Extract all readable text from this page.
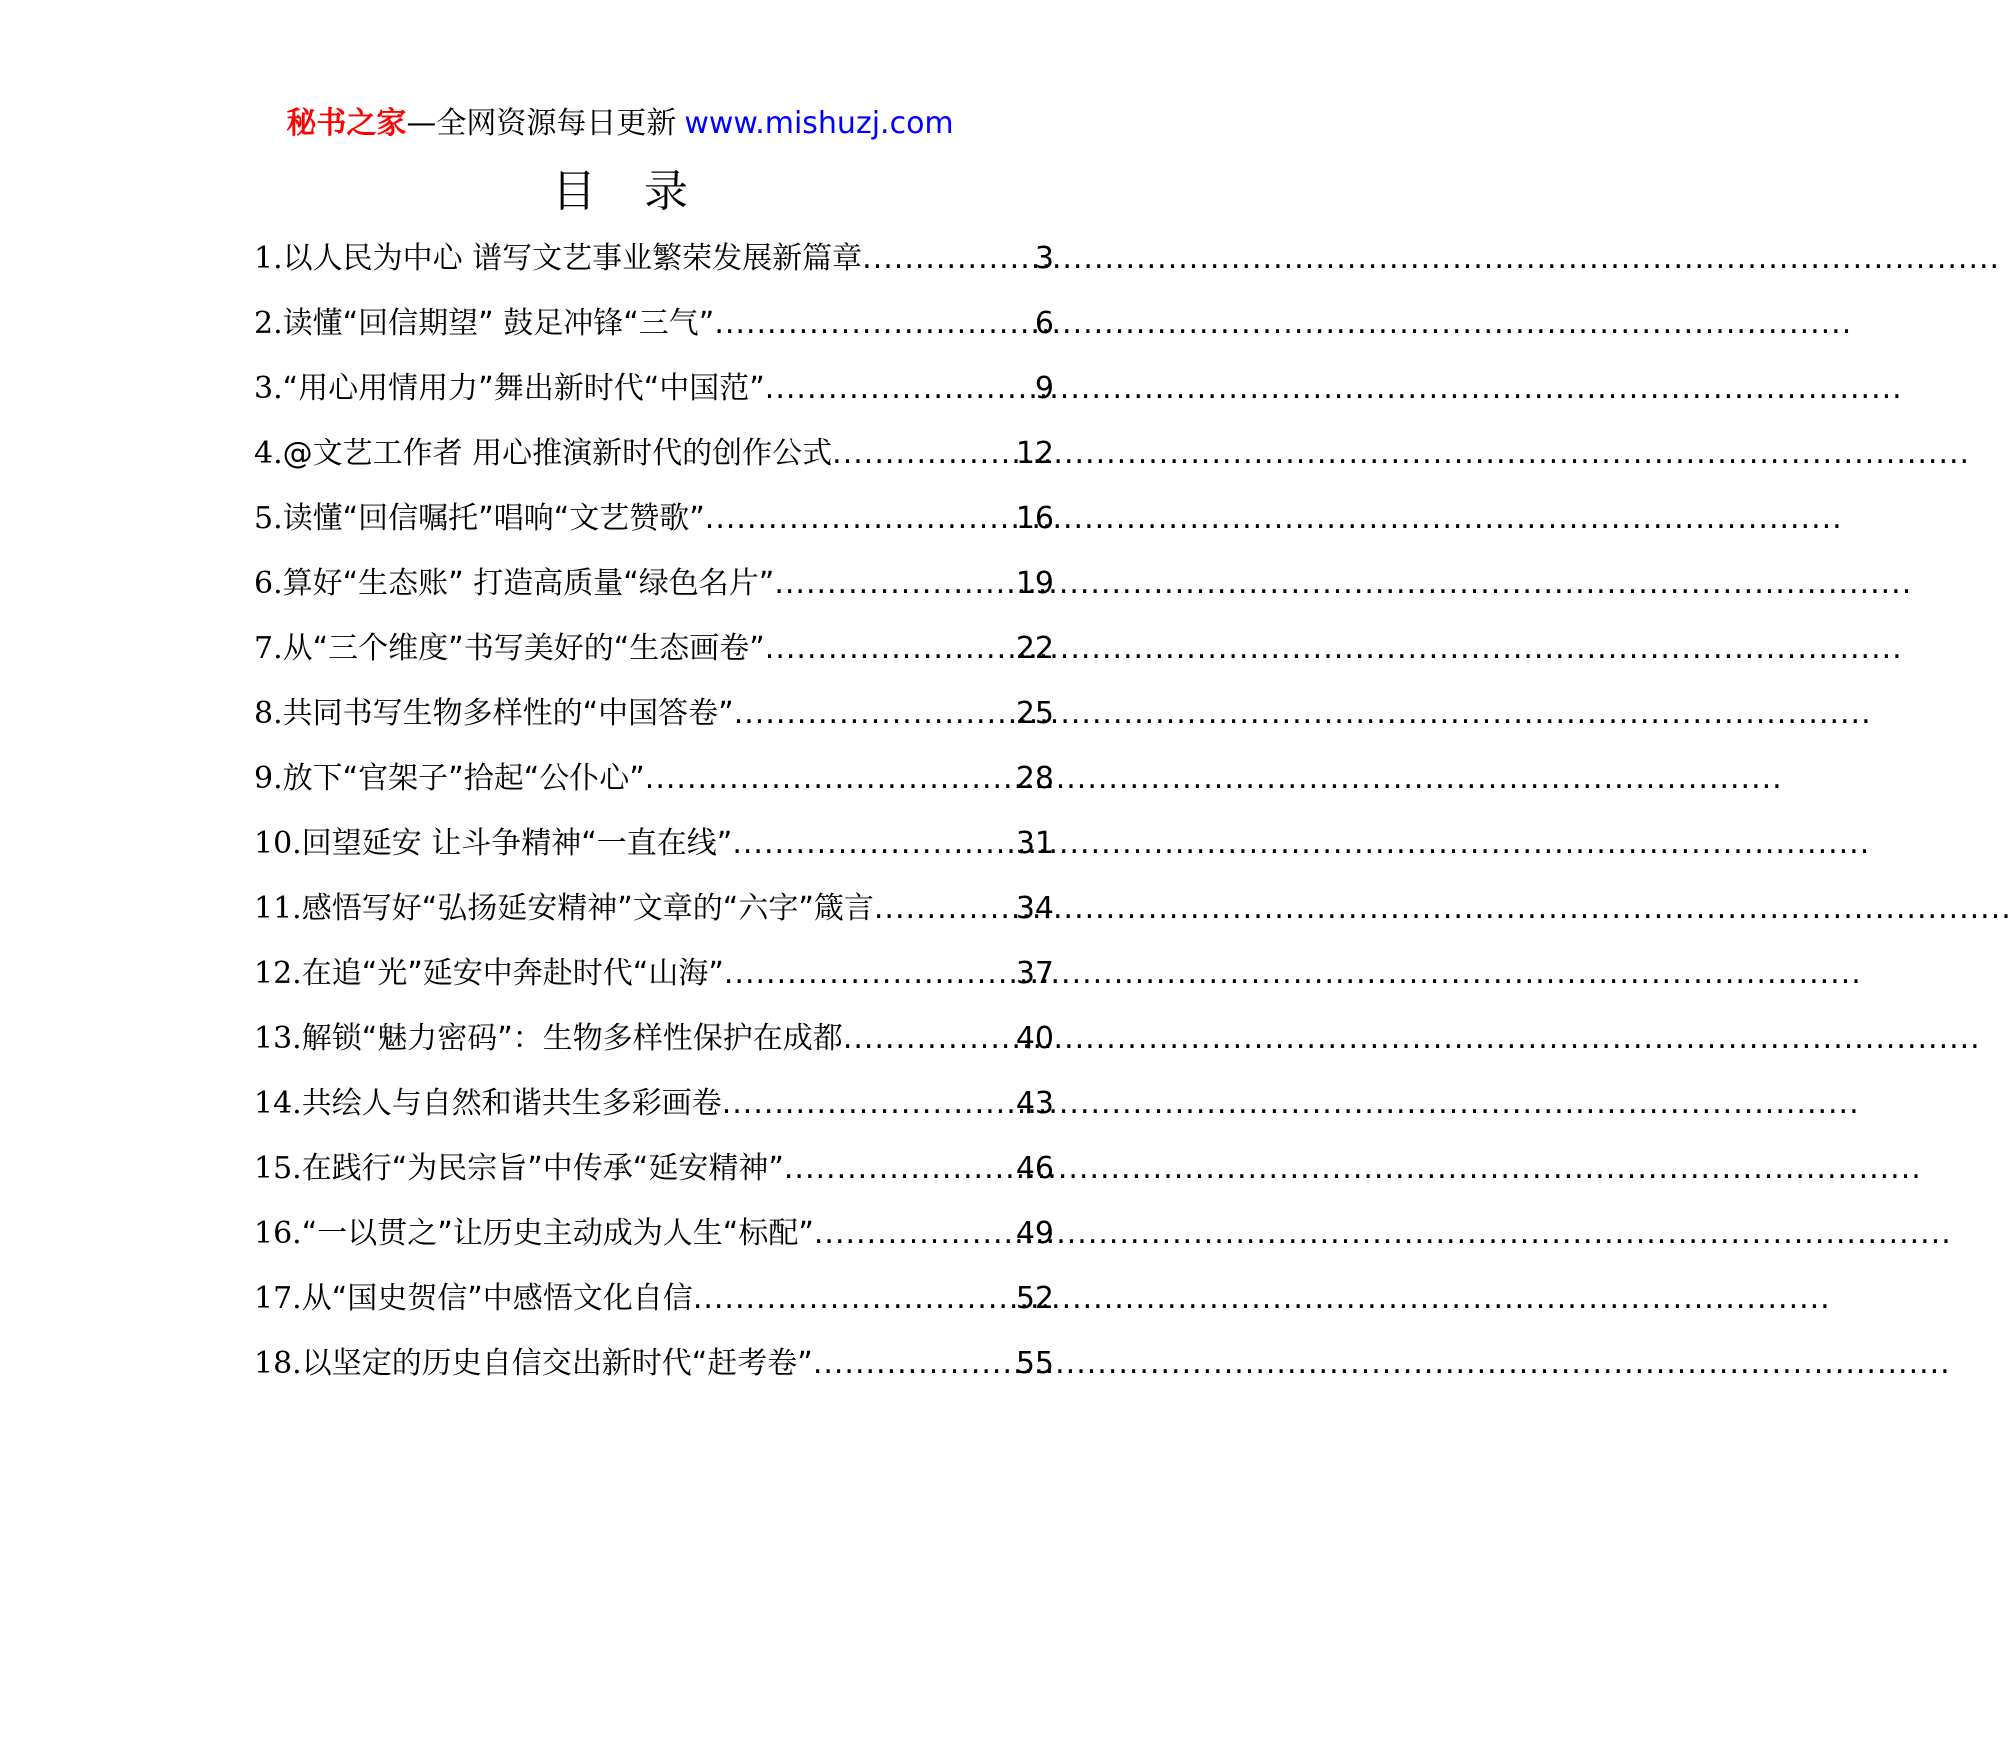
秘书之家—全网资源每日更新 www.mishuzj.com
目 录
1. 以人民为中心 谱写文艺事业繁荣发展新篇章 .....	3
2. 读懂“回信期望” 鼓足冲锋“三气” .....	6
3. “用心用情用力”舞出新时代“中国范” .....	9
4. @文艺工作者 用心推演新时代的创作公式 .....	12
5. 读懂“回信嘱托”唱响“文艺赞歌” .....	16
6. 算好“生态账” 打造高质量“绿色名片” .....	19
7. 从“三个维度”书写美好的“生态画卷” .....	22
8. 共同书写生物多样性的“中国答卷” .....	25
9. 放下“官架子”拾起“公仆心” .....	28
10. 回望延安 让斗争精神“一直在线” .....	31
11. 感悟写好“弘扬延安精神”文章的“六字”箴言 .....	34
12. 在追“光”延安中奔赴时代“山海” .....	37
13. 解锁“魅力密码”：生物多样性保护在成都 .....	40
14. 共绘人与自然和谐共生多彩画卷 .....	43
15. 在践行“为民宗旨”中传承“延安精神” .....	46
16. “一以贯之”让历史主动成为人生“标配” .....	49
17. 从“国史贺信”中感悟文化自信 .....	52
18. 以坚定的历史自信交出新时代“赶考卷” .....	55
